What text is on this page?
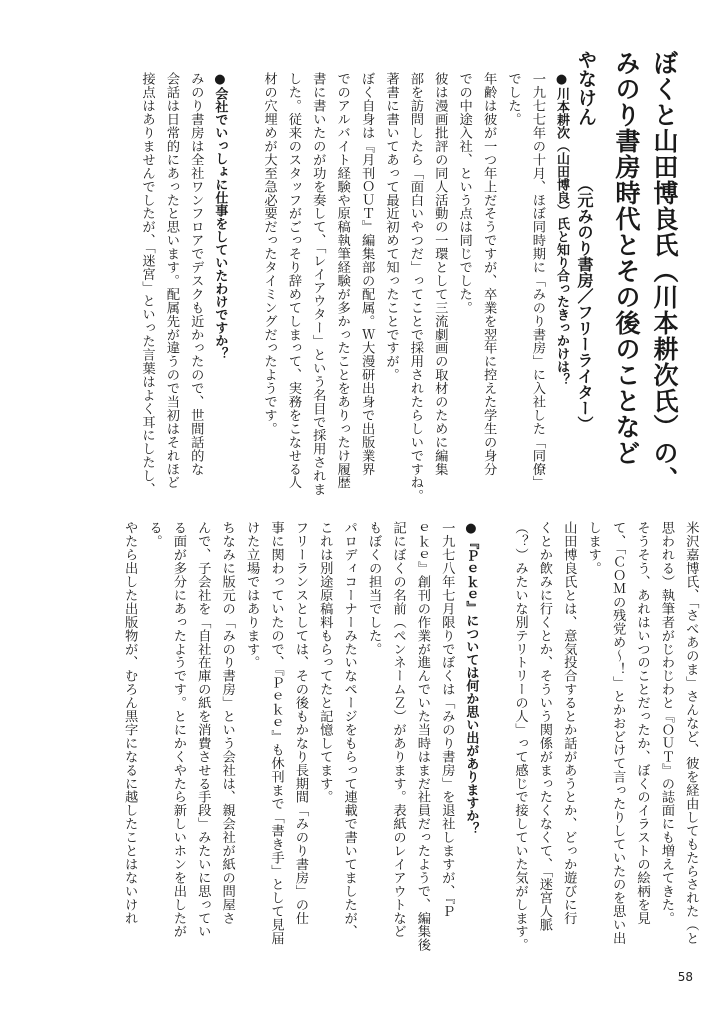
ぼくと山田博良氏（川本耕次氏）の、
みのり書房時代とその後のことなど
やなけん
（元みのり書房／フリーライター）
●川本耕次（山田博良）氏と知り合ったきっかけは？
一九七七年の十月、ほぼ同時期に「みのり書房」に入社した「同僚」
でした。
年齢は彼が一つ年上だそうですが、卒業を翌年に控えた学生の身分
での中途入社、という点は同じでした。
彼は漫画批評の同人活動の一環として三流劇画の取材のために編集
部を訪問したら「面白いやつだ」ってことで採用されたらしいですね。
著書に書いてあって最近初めて知ったことですが。
ぼく自身は『月刊ＯＵＴ』編集部の配属。Ｗ大漫研出身で出版業界
でのアルバイト経験や原稿執筆経験が多かったことをありったけ履歴
書に書いたのが功を奏して、「レイアウター」という名目で採用されま
した。従来のスタッフがごっそり辞めてしまって、実務をこなせる人
材の穴埋めが大至急必要だったタイミングだったようです。
●会社でいっしょに仕事をしていたわけですか？
みのり書房は全社ワンフロアでデスクも近かったので、世間話的な
会話は日常的にあったと思います。配属先が違うので当初はそれほど
接点はありませんでしたが、「迷宮」といった言葉はよく耳にしたし、
米沢嘉博氏、「さべあのま」さんなど、彼を経由してもたらされた（と
思われる）執筆者がじわじわと『ＯＵＴ』の誌面にも増えてきた。
そうそう、あれはいつのことだったか、ぼくのイラストの絵柄を見
て、「ＣＯＭの残党め〜！」とかおどけて言ったりしていたのを思い出
します。
山田博良氏とは、意気投合するとか話があうとか、どっか遊びに行
くとか飲みに行くとか、そういう関係がまったくなくて、「迷宮人脈
（？）みたいな別テリトリーの人」って感じで接していた気がします。
●『Ｐｅｋｅ』については何か思い出がありますか？
一九七八年七月限りでぼくは「みのり書房」を退社しますが、『Ｐ
ｅｋｅ』創刊の作業が進んでいた当時はまだ社員だったようで、編集後
記にぼくの名前（ペンネームＺ）があります。表紙のレイアウトなど
もぼくの担当でした。
パロディコーナーみたいなページをもらって連載で書いてましたが、
これは別途原稿料もらってたと記憶してます。
フリーランスとしては、その後もかなり長期間「みのり書房」の仕
事に関わっていたので、『Ｐｅｋｅ』も休刊まで「書き手」として見届
けた立場ではあります。
ちなみに版元の「みのり書房」という会社は、親会社が紙の問屋さ
んで、子会社を「自社在庫の紙を消費させる手段」みたいに思ってい
る面が多分にあったようです。とにかくやたら新しいホンを出したが
る。
やたら出した出版物が、むろん黒字になるに越したことはないけれ
58
